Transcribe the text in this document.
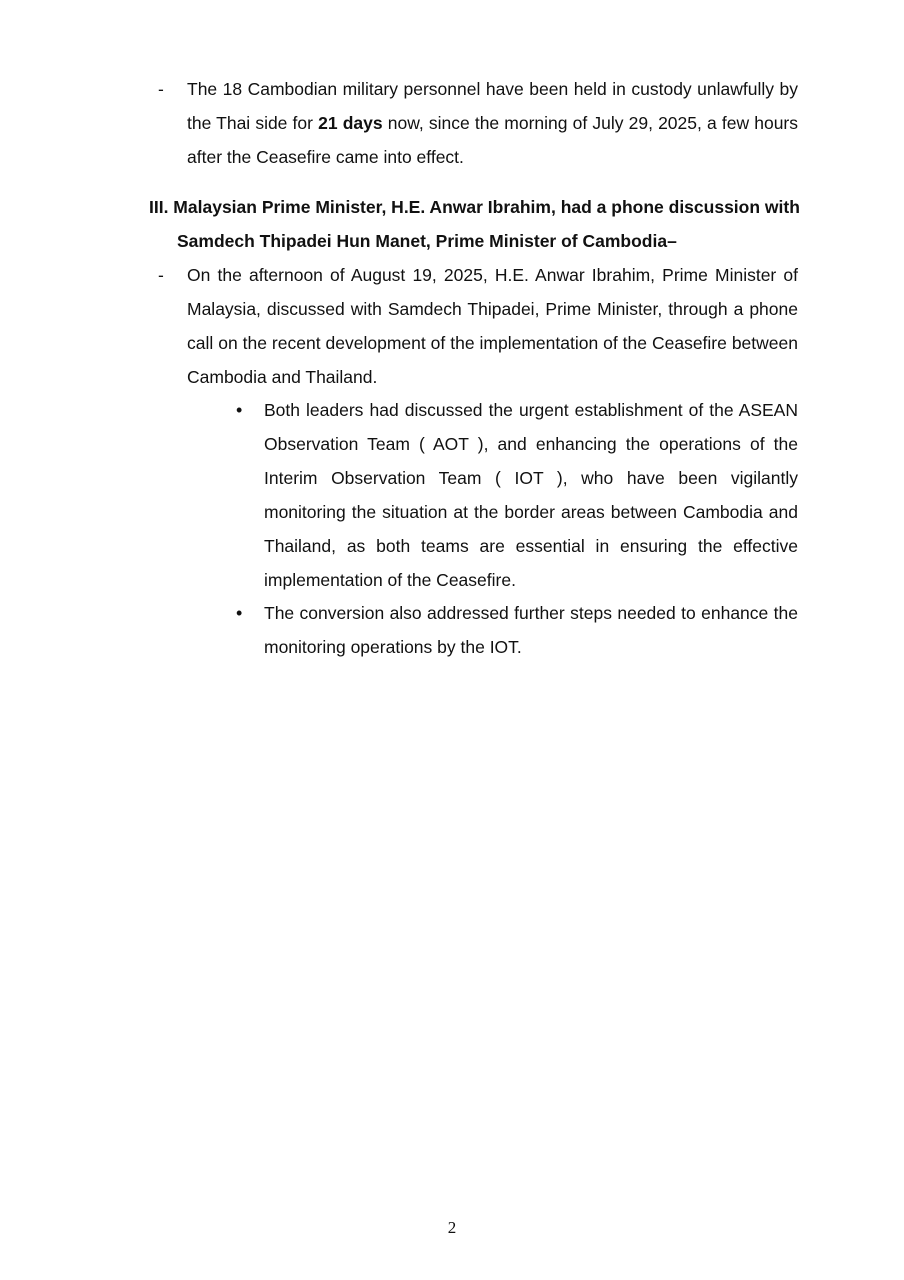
-	The 18 Cambodian military personnel have been held in custody unlawfully by the Thai side for 21 days now, since the morning of July 29, 2025, a few hours after the Ceasefire came into effect.
III. Malaysian Prime Minister, H.E. Anwar Ibrahim, had a phone discussion with
Samdech Thipadei Hun Manet, Prime Minister of Cambodia–
-	On the afternoon of August 19, 2025, H.E. Anwar Ibrahim, Prime Minister of Malaysia, discussed with Samdech Thipadei, Prime Minister, through a phone call on the recent development of the implementation of the Ceasefire between Cambodia and Thailand.
•	Both leaders had discussed the urgent establishment of the ASEAN Observation Team ( AOT ), and enhancing the operations of the Interim Observation Team ( IOT ), who have been vigilantly monitoring the situation at the border areas between Cambodia and Thailand, as both teams are essential in ensuring the effective implementation of the Ceasefire.
•	The conversion also addressed further steps needed to enhance the monitoring operations by the IOT.
2
